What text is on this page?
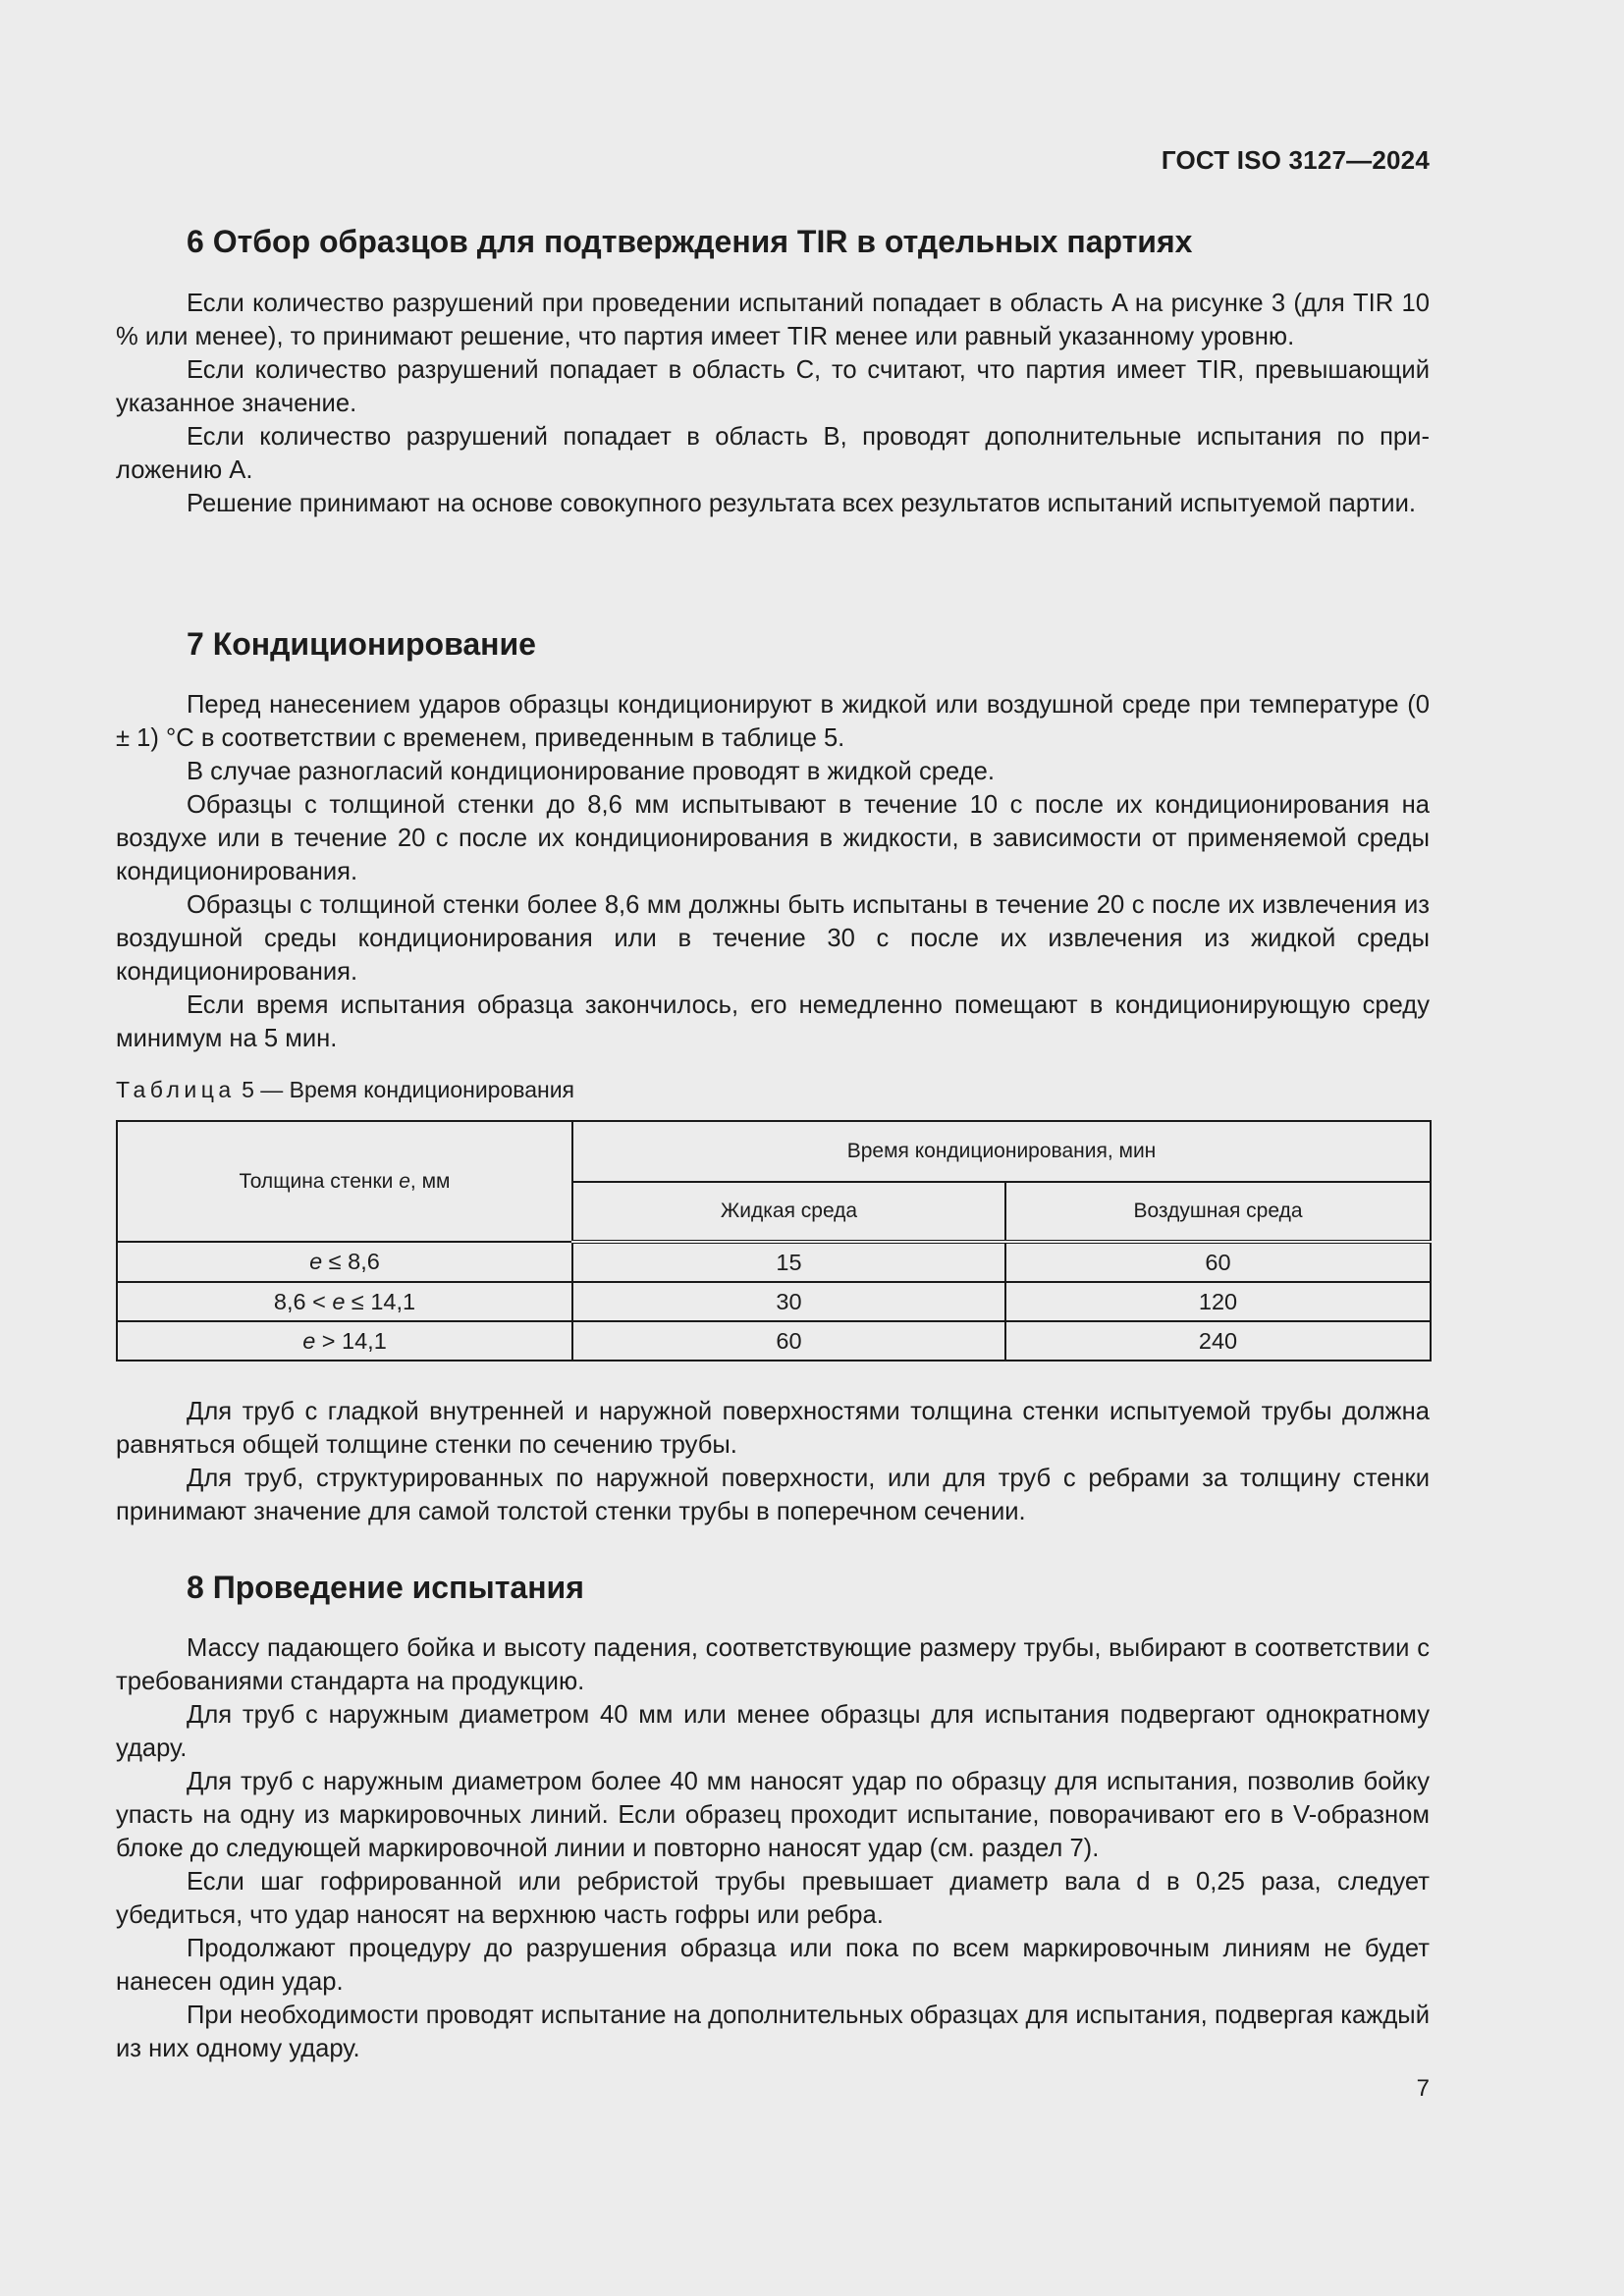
ГОСТ ISO 3127—2024
6 Отбор образцов для подтверждения TIR в отдельных партиях

Если количество разрушений при проведении испытаний попадает в область A на рисунке 3 (для TIR 10 % или менее), то принимают решение, что партия имеет TIR менее или равный указанному уровню.

Если количество разрушений попадает в область C, то считают, что партия имеет TIR, превышающий указанное значение.

Если количество разрушений попадает в область B, проводят дополнительные испытания по приложению A.

Решение принимают на основе совокупного результата всех результатов испытаний испытуемой партии.

7 Кондиционирование

Перед нанесением ударов образцы кондиционируют в жидкой или воздушной среде при температуре (0 ± 1) °C в соответствии с временем, приведенным в таблице 5.

В случае разногласий кондиционирование проводят в жидкой среде.

Образцы с толщиной стенки до 8,6 мм испытывают в течение 10 с после их кондиционирования на воздухе или в течение 20 с после их кондиционирования в жидкости, в зависимости от применяемой среды кондиционирования.

Образцы с толщиной стенки более 8,6 мм должны быть испытаны в течение 20 с после их извлечения из воздушной среды кондиционирования или в течение 30 с после их извлечения из жидкой среды кондиционирования.

Если время испытания образца закончилось, его немедленно помещают в кондиционирующую среду минимум на 5 мин.

Таблица 5 — Время кондиционирования
Толщина стенки e, мм	Время кондиционирования, мин	
	Жидкая среда	Воздушная среда
e ≤ 8,6	15	60
8,6 < e ≤ 14,1	30	120
e > 14,1	60	240

Для труб с гладкой внутренней и наружной поверхностями толщина стенки испытуемой трубы должна равняться общей толщине стенки по сечению трубы.

Для труб, структурированных по наружной поверхности, или для труб с ребрами за толщину стенки принимают значение для самой толстой стенки трубы в поперечном сечении.

8 Проведение испытания

Массу падающего бойка и высоту падения, соответствующие размеру трубы, выбирают в соответствии с требованиями стандарта на продукцию.

Для труб с наружным диаметром 40 мм или менее образцы для испытания подвергают однократному удару.

Для труб с наружным диаметром более 40 мм наносят удар по образцу для испытания, позволив бойку упасть на одну из маркировочных линий. Если образец проходит испытание, поворачивают его в V-образном блоке до следующей маркировочной линии и повторно наносят удар (см. раздел 7).

Если шаг гофрированной или ребристой трубы превышает диаметр вала d в 0,25 раза, следует убедиться, что удар наносят на верхнюю часть гофры или ребра.

Продолжают процедуру до разрушения образца или пока по всем маркировочным линиям не будет нанесен один удар.

При необходимости проводят испытание на дополнительных образцах для испытания, подвергая каждый из них одному удару.

7
